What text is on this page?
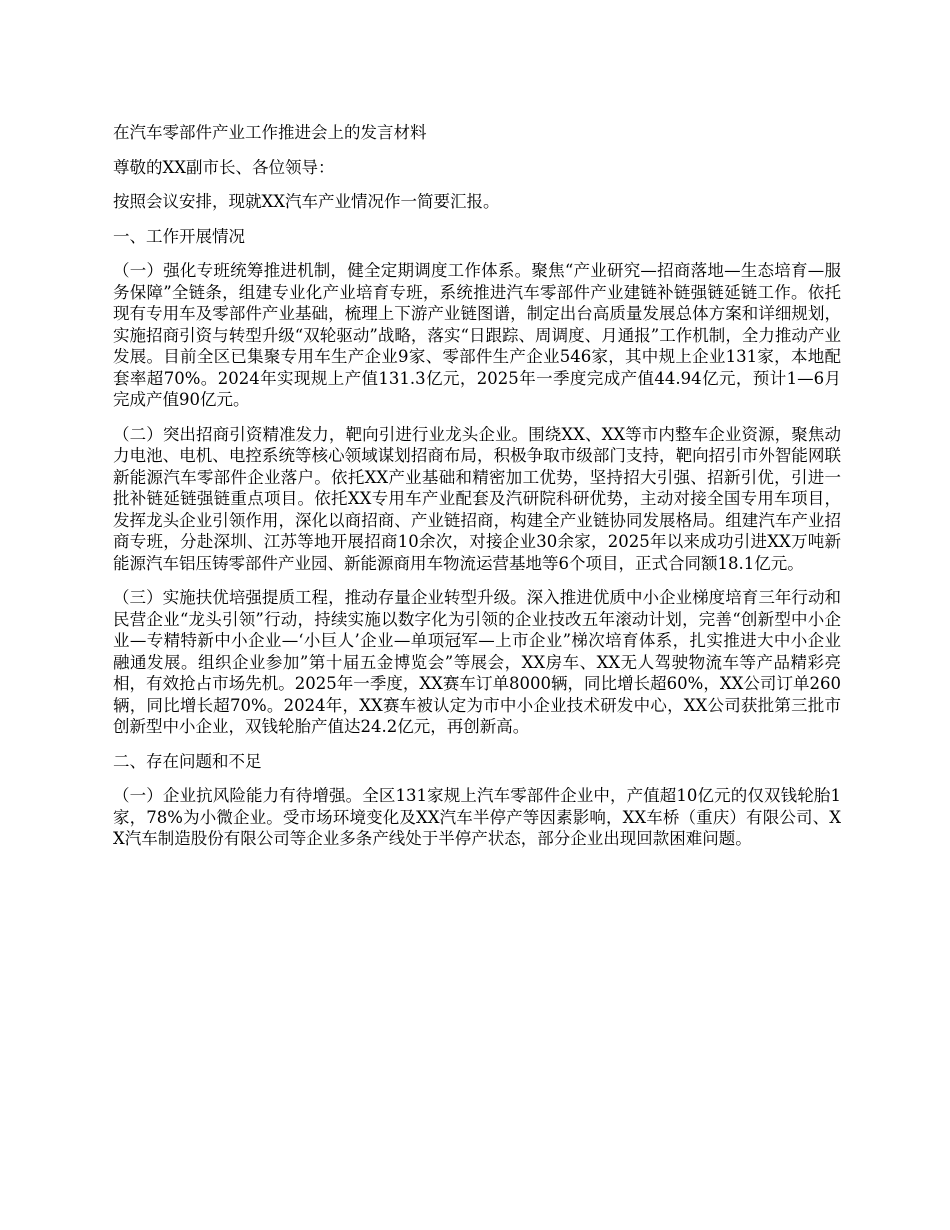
在汽车零部件产业工作推进会上的发言材料

尊敬的XX副市长、各位领导：

按照会议安排，现就XX汽车产业情况作一简要汇报。

一、工作开展情况

（一）强化专班统筹推进机制，健全定期调度工作体系。聚焦“产业研究—招商落地—生态培育—服务保障”全链条，组建专业化产业培育专班，系统推进汽车零部件产业建链补链强链延链工作。依托现有专用车及零部件产业基础，梳理上下游产业链图谱，制定出台高质量发展总体方案和详细规划，实施招商引资与转型升级“双轮驱动”战略，落实“日跟踪、周调度、月通报”工作机制，全力推动产业发展。目前全区已集聚专用车生产企业9家、零部件生产企业546家，其中规上企业131家，本地配套率超70%。2024年实现规上产值131.3亿元，2025年一季度完成产值44.94亿元，预计1—6月完成产值90亿元。

（二）突出招商引资精准发力，靶向引进行业龙头企业。围绕XX、XX等市内整车企业资源，聚焦动力电池、电机、电控系统等核心领域谋划招商布局，积极争取市级部门支持，靶向招引市外智能网联新能源汽车零部件企业落户。依托XX产业基础和精密加工优势，坚持招大引强、招新引优，引进一批补链延链强链重点项目。依托XX专用车产业配套及汽研院科研优势，主动对接全国专用车项目，发挥龙头企业引领作用，深化以商招商、产业链招商，构建全产业链协同发展格局。组建汽车产业招商专班，分赴深圳、江苏等地开展招商10余次，对接企业30余家，2025年以来成功引进XX万吨新能源汽车铝压铸零部件产业园、新能源商用车物流运营基地等6个项目，正式合同额18.1亿元。

（三）实施扶优培强提质工程，推动存量企业转型升级。深入推进优质中小企业梯度培育三年行动和民营企业“龙头引领”行动，持续实施以数字化为引领的企业技改五年滚动计划，完善“创新型中小企业—专精特新中小企业—‘小巨人’企业—单项冠军—上市企业”梯次培育体系，扎实推进大中小企业融通发展。组织企业参加”第十届五金博览会”等展会，XX房车、XX无人驾驶物流车等产品精彩亮相，有效抢占市场先机。2025年一季度，XX赛车订单8000辆，同比增长超60%，XX公司订单260辆，同比增长超70%。2024年，XX赛车被认定为市中小企业技术研发中心，XX公司获批第三批市创新型中小企业，双钱轮胎产值达24.2亿元，再创新高。

二、存在问题和不足

（一）企业抗风险能力有待增强。全区131家规上汽车零部件企业中，产值超10亿元的仅双钱轮胎1家，78%为小微企业。受市场环境变化及XX汽车半停产等因素影响，XX车桥（重庆）有限公司、XX汽车制造股份有限公司等企业多条产线处于半停产状态，部分企业出现回款困难问题。
